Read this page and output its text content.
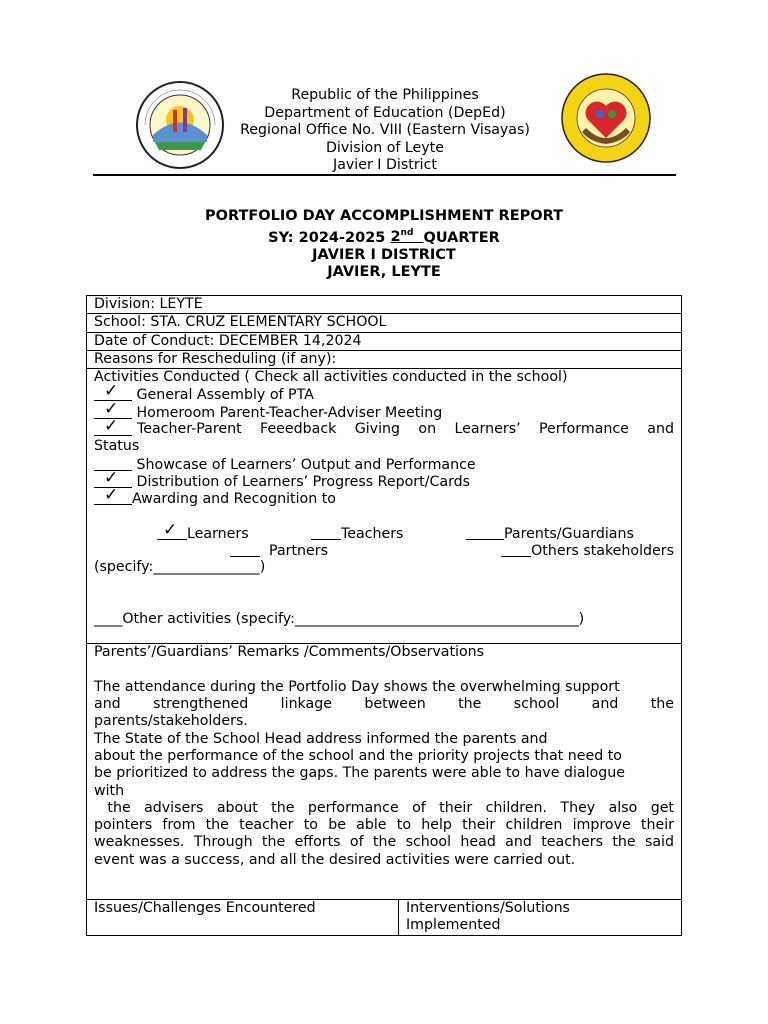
Republic of the Philippines
Department of Education (DepEd)
Regional Office No. VIII (Eastern Visayas)
Division of Leyte
Javier I District
PORTFOLIO DAY ACCOMPLISHMENT REPORT
SY: 2024-2025 2nd QUARTER
JAVIER I DISTRICT
JAVIER, LEYTE
Division: LEYTE
School: STA. CRUZ ELEMENTARY SCHOOL
Date of Conduct: DECEMBER 14,2024
Reasons for Rescheduling (if any):
Activities Conducted ( Check all activities conducted in the school)
✓ General Assembly of PTA
✓ Homeroom Parent-Teacher-Adviser Meeting
✓	Teacher-Parent Feeedback Giving on Learners’ Performance and
Status
Showcase of Learners’ Output and Performance
✓ Distribution of Learners’ Progress Report/Cards
✓ Awarding and Recognition to
✓ Learners	Teachers	Parents/Guardians
Partners	Others stakeholders
(specify:_______________)
____Other activities (specify:________________________________________)
Parents’/Guardians’ Remarks /Comments/Observations
The attendance during the Portfolio Day shows the overwhelming support
and strengthened linkage between the school and the
parents/stakeholders.
The State of the School Head address informed the parents and
about the performance of the school and the priority projects that need to
be prioritized to address the gaps. The parents were able to have dialogue
with
the advisers about the performance of their children. They also get
pointers from the teacher to be able to help their children improve their
weaknesses. Through the efforts of the school head and teachers the said
event was a success, and all the desired activities were carried out.
Issues/Challenges Encountered	Interventions/Solutions
Implemented
